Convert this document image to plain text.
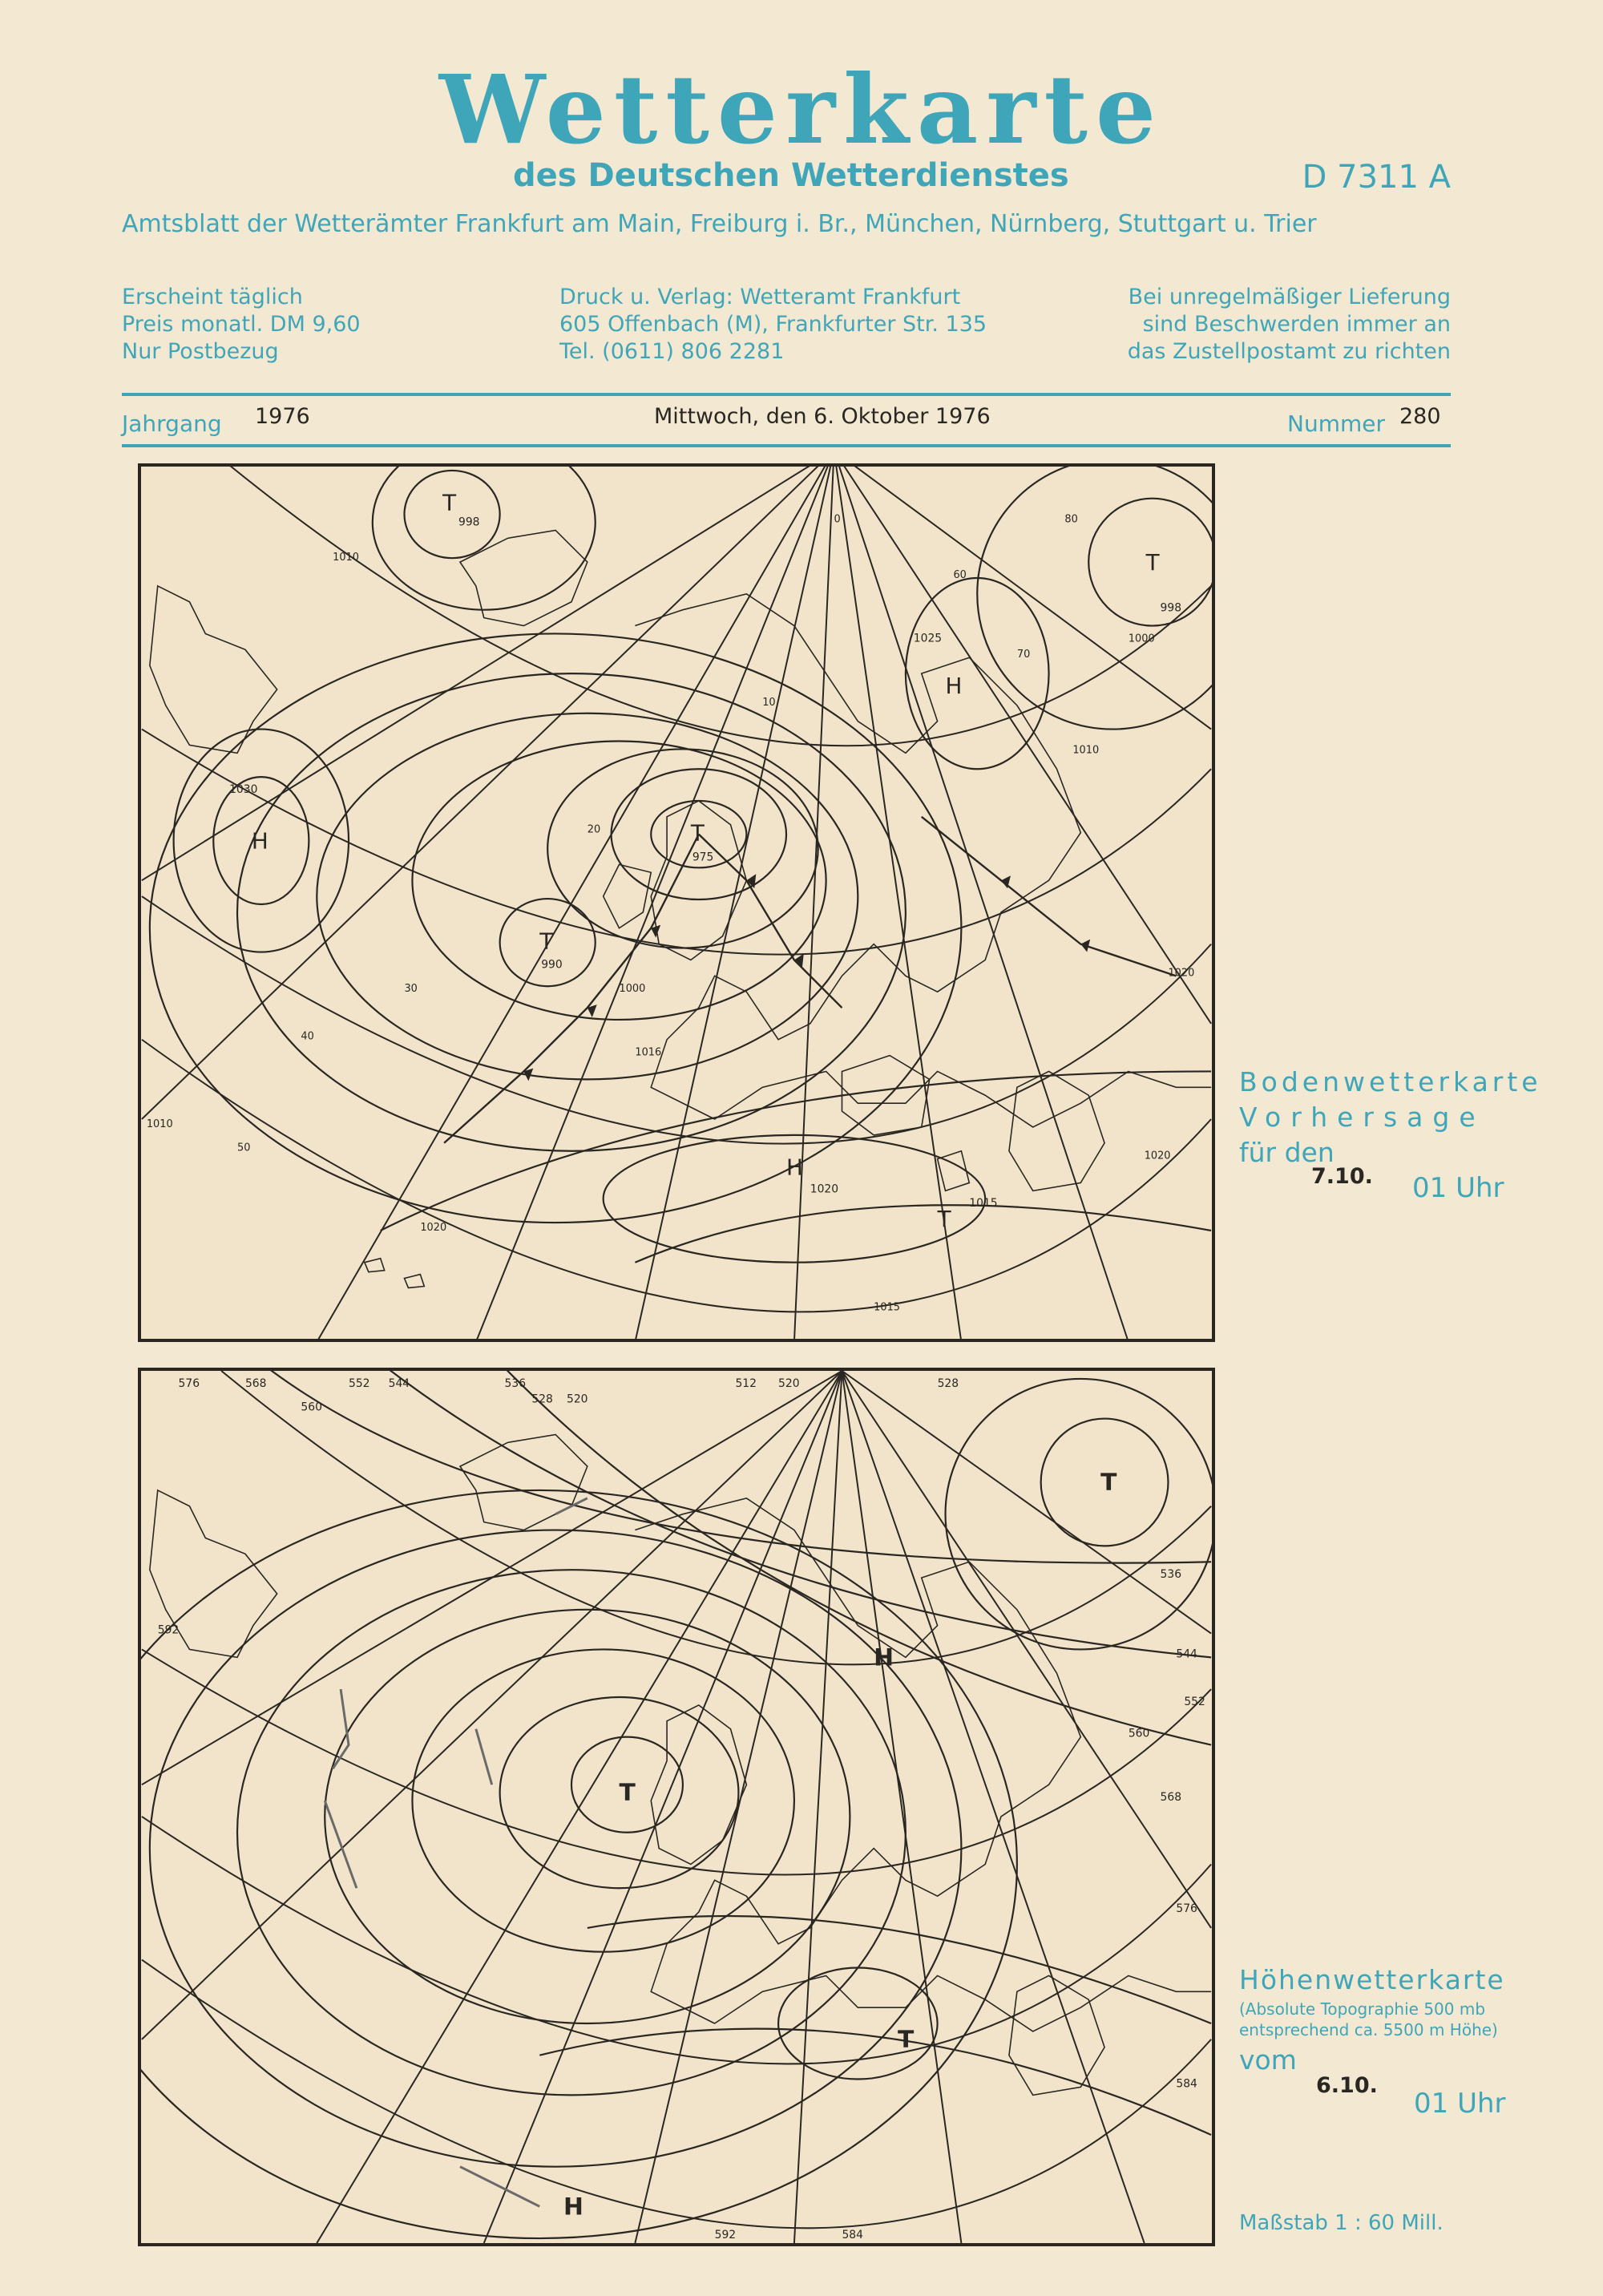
Wetterkarte
des Deutschen Wetterdienstes	D 7311 A
Amtsblatt der Wetterämter Frankfurt am Main, Freiburg i. Br., München, Nürnberg, Stuttgart u. Trier
Erscheint täglich
Preis monatl. DM 9,60
Nur Postbezug
Druck u. Verlag: Wetteramt Frankfurt
605 Offenbach (M), Frankfurter Str. 135
Tel. (0611) 806 2281
Bei unregelmäßiger Lieferung
sind Beschwerden immer an
das Zustellpostamt zu richten
Jahrgang 1976	Mittwoch, den 6. Oktober 1976	Nummer 280
T
T
H	T
T
H
H
T
998
998
1030
975
990
1025
1020
1015
1010
1000
1020
1010
1000
1020
1016
1015
1010
1020
0
10
20
30
40
50
60
70
80
Bodenwetterkarte
Vorhersage
für den
7.10. 01 Uhr
T
T
H
T
H
576	568
560
552 544	536
528 520
512 520	528
536
544
552
560
568
576
584
592	584
592
Höhenwetterkarte
(Absolute Topographie 500 mb
entsprechend ca. 5500 m Höhe)
vom
6.10.
01 Uhr
Maßstab 1 : 60 Mill.
